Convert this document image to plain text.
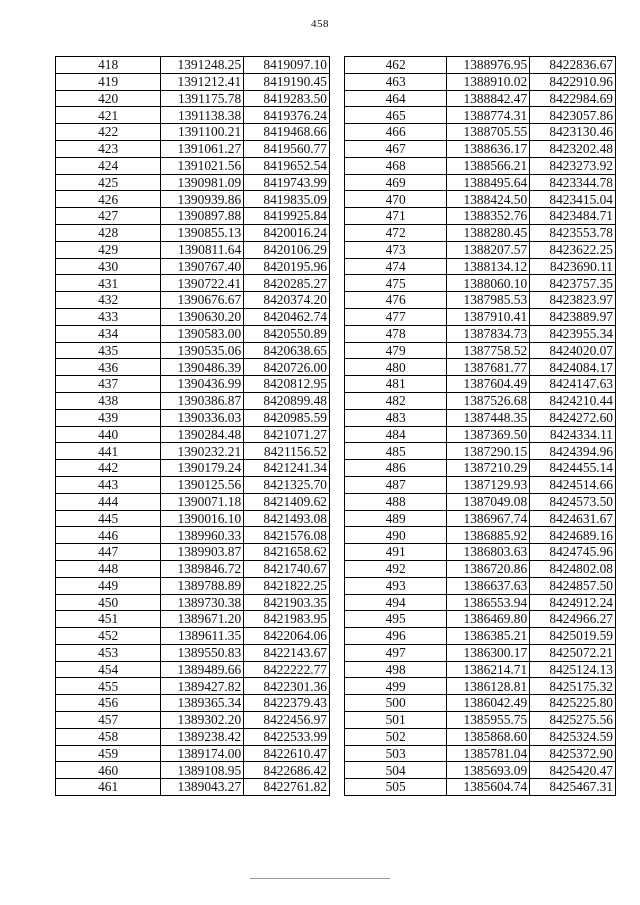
458
418	1391248.25	8419097.10
419	1391212.41	8419190.45
420	1391175.78	8419283.50
421	1391138.38	8419376.24
422	1391100.21	8419468.66
423	1391061.27	8419560.77
424	1391021.56	8419652.54
425	1390981.09	8419743.99
426	1390939.86	8419835.09
427	1390897.88	8419925.84
428	1390855.13	8420016.24
429	1390811.64	8420106.29
430	1390767.40	8420195.96
431	1390722.41	8420285.27
432	1390676.67	8420374.20
433	1390630.20	8420462.74
434	1390583.00	8420550.89
435	1390535.06	8420638.65
436	1390486.39	8420726.00
437	1390436.99	8420812.95
438	1390386.87	8420899.48
439	1390336.03	8420985.59
440	1390284.48	8421071.27
441	1390232.21	8421156.52
442	1390179.24	8421241.34
443	1390125.56	8421325.70
444	1390071.18	8421409.62
445	1390016.10	8421493.08
446	1389960.33	8421576.08
447	1389903.87	8421658.62
448	1389846.72	8421740.67
449	1389788.89	8421822.25
450	1389730.38	8421903.35
451	1389671.20	8421983.95
452	1389611.35	8422064.06
453	1389550.83	8422143.67
454	1389489.66	8422222.77
455	1389427.82	8422301.36
456	1389365.34	8422379.43
457	1389302.20	8422456.97
458	1389238.42	8422533.99
459	1389174.00	8422610.47
460	1389108.95	8422686.42
461	1389043.27	8422761.82
462	1388976.95	8422836.67
463	1388910.02	8422910.96
464	1388842.47	8422984.69
465	1388774.31	8423057.86
466	1388705.55	8423130.46
467	1388636.17	8423202.48
468	1388566.21	8423273.92
469	1388495.64	8423344.78
470	1388424.50	8423415.04
471	1388352.76	8423484.71
472	1388280.45	8423553.78
473	1388207.57	8423622.25
474	1388134.12	8423690.11
475	1388060.10	8423757.35
476	1387985.53	8423823.97
477	1387910.41	8423889.97
478	1387834.73	8423955.34
479	1387758.52	8424020.07
480	1387681.77	8424084.17
481	1387604.49	8424147.63
482	1387526.68	8424210.44
483	1387448.35	8424272.60
484	1387369.50	8424334.11
485	1387290.15	8424394.96
486	1387210.29	8424455.14
487	1387129.93	8424514.66
488	1387049.08	8424573.50
489	1386967.74	8424631.67
490	1386885.92	8424689.16
491	1386803.63	8424745.96
492	1386720.86	8424802.08
493	1386637.63	8424857.50
494	1386553.94	8424912.24
495	1386469.80	8424966.27
496	1386385.21	8425019.59
497	1386300.17	8425072.21
498	1386214.71	8425124.13
499	1386128.81	8425175.32
500	1386042.49	8425225.80
501	1385955.75	8425275.56
502	1385868.60	8425324.59
503	1385781.04	8425372.90
504	1385693.09	8425420.47
505	1385604.74	8425467.31
